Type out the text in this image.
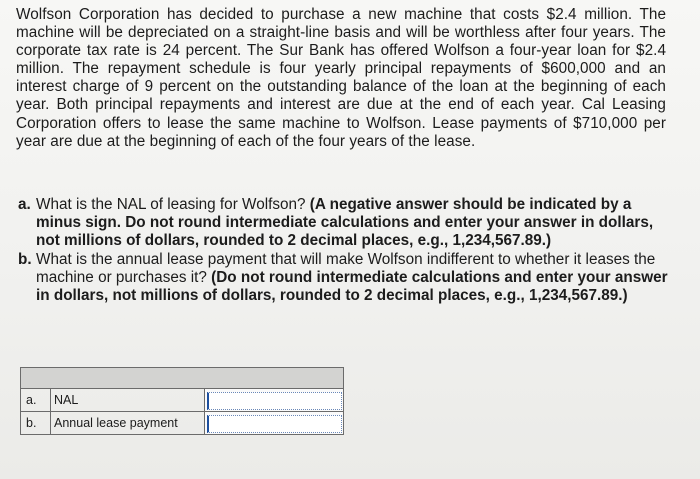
Wolfson Corporation has decided to purchase a new machine that costs $2.4 million. The machine will be depreciated on a straight-line basis and will be worthless after four years. The corporate tax rate is 24 percent. The Sur Bank has offered Wolfson a four-year loan for $2.4 million. The repayment schedule is four yearly principal repayments of $600,000 and an interest charge of 9 percent on the outstanding balance of the loan at the beginning of each year. Both principal repayments and interest are due at the end of each year. Cal Leasing Corporation offers to lease the same machine to Wolfson. Lease payments of $710,000 per year are due at the beginning of each of the four years of the lease.

a. What is the NAL of leasing for Wolfson? (A negative answer should be indicated by a minus sign. Do not round intermediate calculations and enter your answer in dollars, not millions of dollars, rounded to 2 decimal places, e.g., 1,234,567.89.)
b. What is the annual lease payment that will make Wolfson indifferent to whether it leases the machine or purchases it? (Do not round intermediate calculations and enter your answer in dollars, not millions of dollars, rounded to 2 decimal places, e.g., 1,234,567.89.)

a.	NAL	

b.	Annual lease payment	
